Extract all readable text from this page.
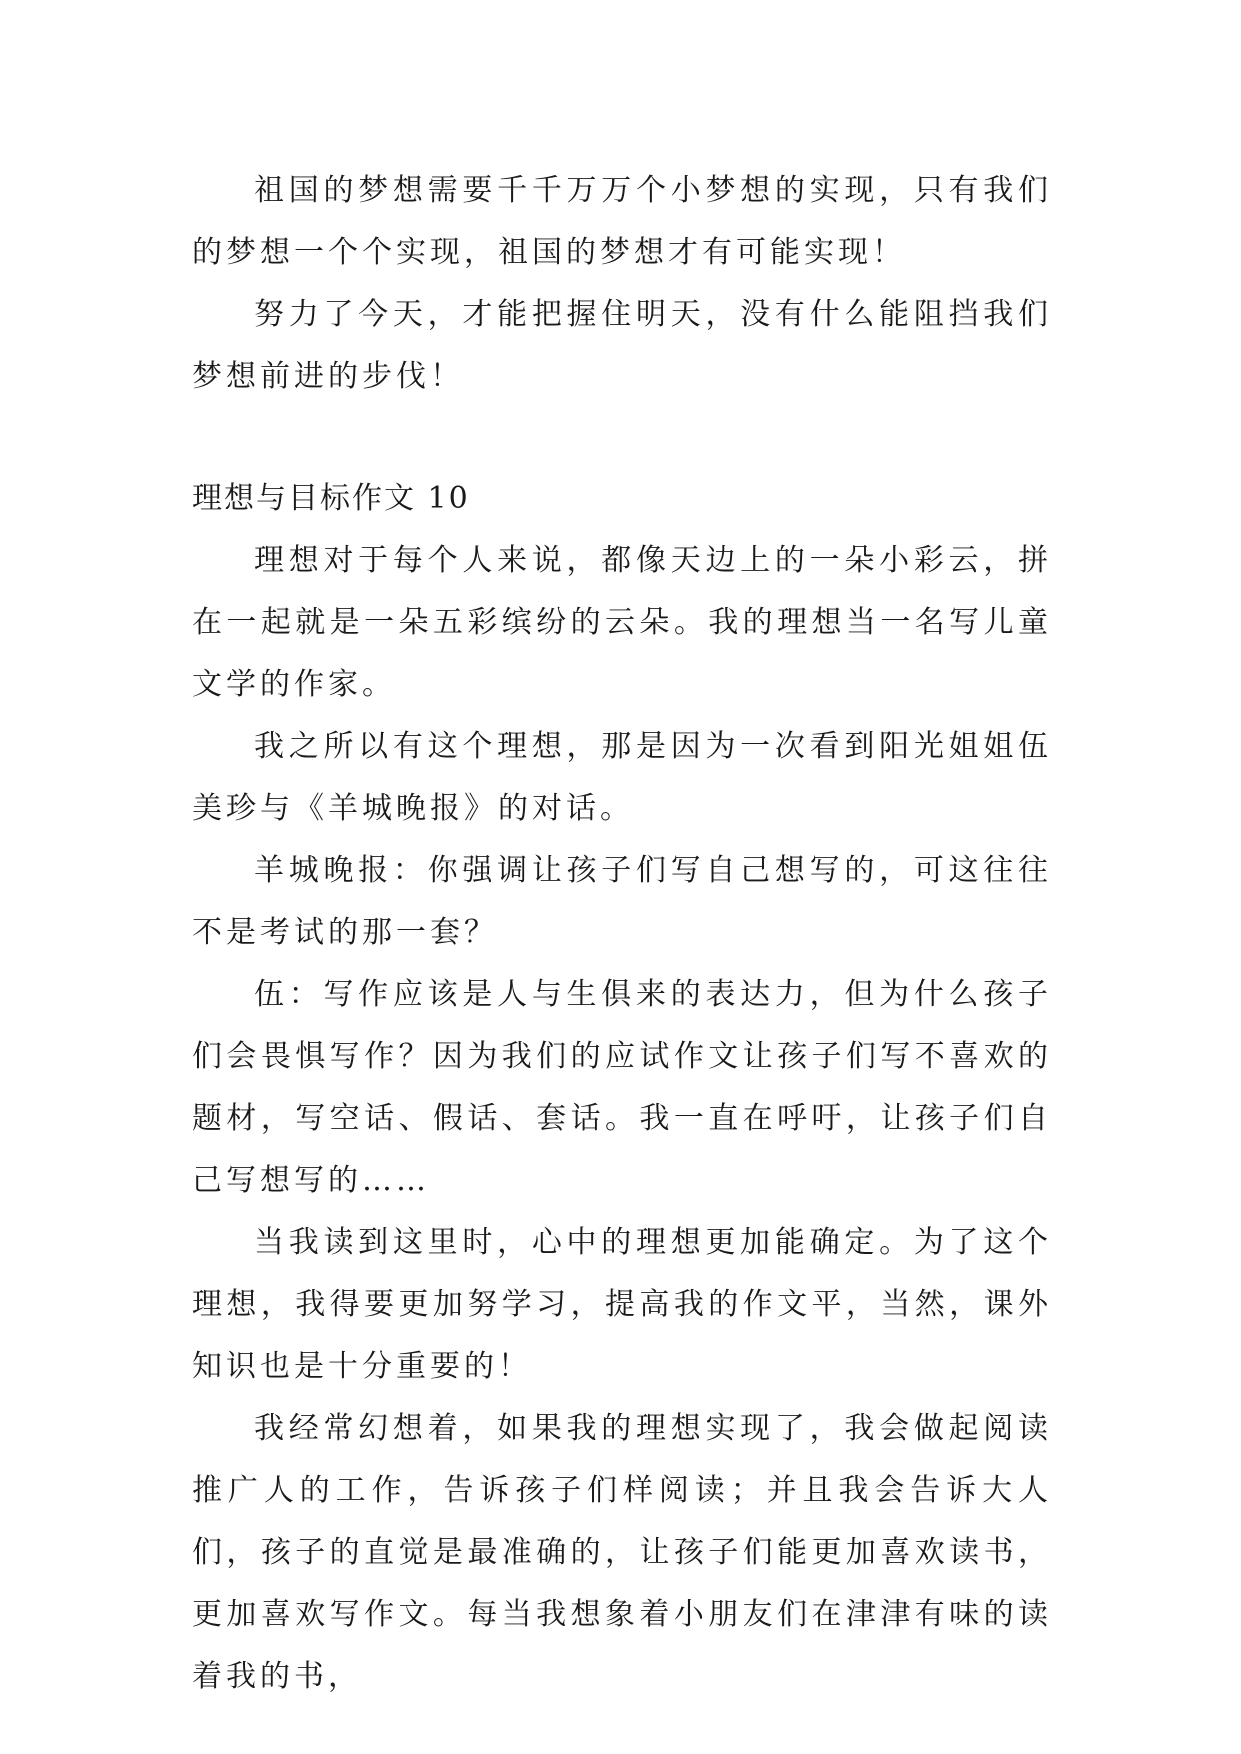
祖国的梦想需要千千万万个小梦想的实现，只有我们的梦想一个个实现，祖国的梦想才有可能实现！

努力了今天，才能把握住明天，没有什么能阻挡我们梦想前进的步伐！

理想与目标作文 10

理想对于每个人来说，都像天边上的一朵小彩云，拼在一起就是一朵五彩缤纷的云朵。我的理想当一名写儿童文学的作家。

我之所以有这个理想，那是因为一次看到阳光姐姐伍美珍与《羊城晚报》的对话。

羊城晚报：你强调让孩子们写自己想写的，可这往往不是考试的那一套？

伍：写作应该是人与生俱来的表达力，但为什么孩子们会畏惧写作？因为我们的应试作文让孩子们写不喜欢的题材，写空话、假话、套话。我一直在呼吁，让孩子们自己写想写的……

当我读到这里时，心中的理想更加能确定。为了这个理想，我得要更加努学习，提高我的作文平，当然，课外知识也是十分重要的！

我经常幻想着，如果我的理想实现了，我会做起阅读推广人的工作，告诉孩子们样阅读；并且我会告诉大人们，孩子的直觉是最准确的，让孩子们能更加喜欢读书，更加喜欢写作文。每当我想象着小朋友们在津津有味的读着我的书，
